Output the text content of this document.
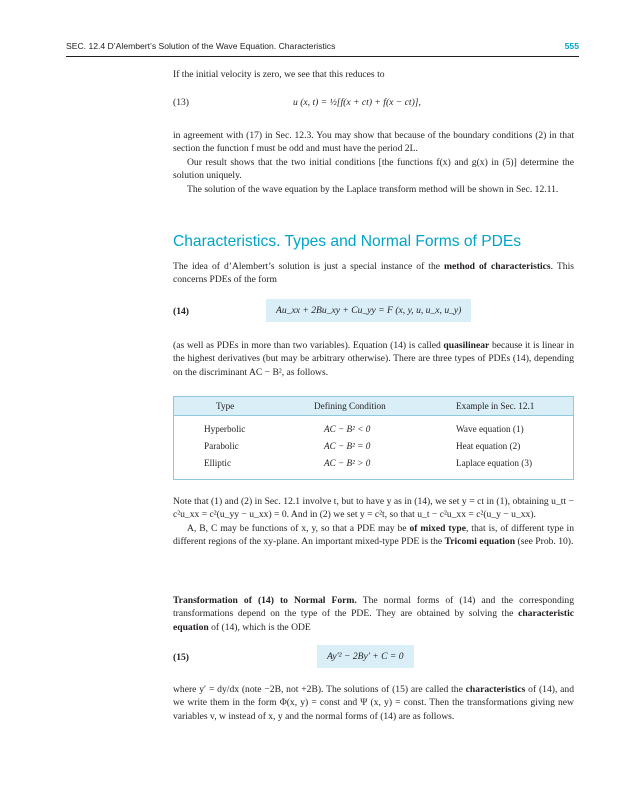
SEC. 12.4 D’Alembert’s Solution of the Wave Equation. Characteristics	555

If the initial velocity is zero, we see that this reduces to

(13)	u (x, t) = ½[f(x + ct) + f(x − ct)],

in agreement with (17) in Sec. 12.3. You may show that because of the boundary conditions (2) in that section the function f must be odd and must have the period 2L.

Our result shows that the two initial conditions [the functions f(x) and g(x) in (5)] determine the solution uniquely.

The solution of the wave equation by the Laplace transform method will be shown in Sec. 12.11.

Characteristics. Types and Normal Forms of PDEs

The idea of d’Alembert’s solution is just a special instance of the method of characteristics. This concerns PDEs of the form

(14)	Au_xx + 2Bu_xy + Cu_yy = F (x, y, u, u_x, u_y)

(as well as PDEs in more than two variables). Equation (14) is called quasilinear because it is linear in the highest derivatives (but may be arbitrary otherwise). There are three types of PDEs (14), depending on the discriminant AC − B², as follows.

Type	Defining Condition	Example in Sec. 12.1
Hyperbolic	AC − B² < 0	Wave equation (1)
Parabolic	AC − B² = 0	Heat equation (2)
Elliptic	AC − B² > 0	Laplace equation (3)

Note that (1) and (2) in Sec. 12.1 involve t, but to have y as in (14), we set y = ct in (1), obtaining u_tt − c²u_xx = c²(u_yy − u_xx) = 0. And in (2) we set y = c²t, so that u_t − c²u_xx = c²(u_y − u_xx).

A, B, C may be functions of x, y, so that a PDE may be of mixed type, that is, of different type in different regions of the xy-plane. An important mixed-type PDE is the Tricomi equation (see Prob. 10).

Transformation of (14) to Normal Form. The normal forms of (14) and the corresponding transformations depend on the type of the PDE. They are obtained by solving the characteristic equation of (14), which is the ODE

(15)	Ay′² − 2By′ + C = 0

where y′ = dy/dx (note −2B, not +2B). The solutions of (15) are called the characteristics of (14), and we write them in the form Φ(x, y) = const and Ψ (x, y) = const. Then the transformations giving new variables v, w instead of x, y and the normal forms of (14) are as follows.
